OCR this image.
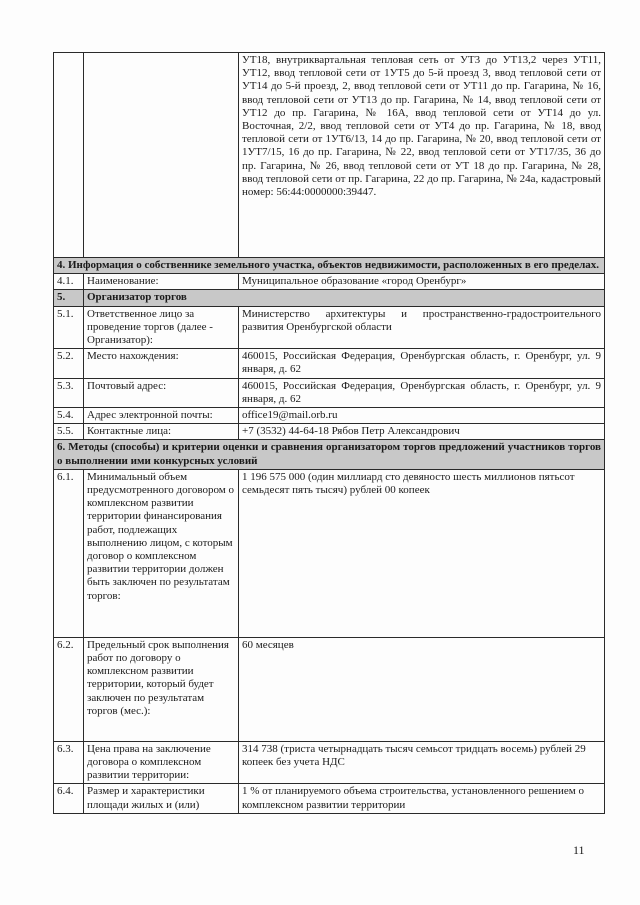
		УТ18, внутриквартальная тепловая сеть от УТ3 до УТ13,2 через УТ11, УТ12, ввод тепловой сети от 1УТ5 до 5-й проезд 3, ввод тепловой сети от УТ14 до 5-й проезд, 2, ввод тепловой сети от УТ11 до пр. Гагарина, № 16, ввод тепловой сети от УТ13 до пр. Гагарина, № 14, ввод тепловой сети от УТ12 до пр. Гагарина, № 16А, ввод тепловой сети от УТ14 до ул. Восточная, 2/2, ввод тепловой сети от УТ4 до пр. Гагарина, № 18, ввод тепловой сети от 1УТ6/13, 14 до пр. Гагарина, № 20, ввод тепловой сети от 1УТ7/15, 16 до пр. Гагарина, № 22, ввод тепловой сети от УТ17/35, 36 до пр. Гагарина, № 26, ввод тепловой сети от УТ 18 до пр. Гагарина, № 28, ввод тепловой сети от пр. Гагарина, 22 до пр. Гагарина, № 24а, кадастровый номер: 56:44:0000000:39447.
4. Информация о собственнике земельного участка, объектов недвижимости, расположенных в его пределах.		
4.1.	Наименование:	Муниципальное образование «город Оренбург»
5.	Организатор торгов	
5.1.	Ответственное лицо за проведение торгов (далее - Организатор):	Министерство архитектуры и пространственно-градостроительного развития Оренбургской области
5.2.	Место нахождения:	460015, Российская Федерация, Оренбургская область, г. Оренбург, ул. 9 января, д. 62
5.3.	Почтовый адрес:	460015, Российская Федерация, Оренбургская область, г. Оренбург, ул. 9 января, д. 62
5.4.	Адрес электронной почты:	office19@mail.orb.ru
5.5.	Контактные лица:	+7 (3532) 44-64-18 Рябов Петр Александрович
6. Методы (способы) и критерии оценки и сравнения организатором торгов предложений участников торгов о выполнении ими конкурсных условий		
6.1.	Минимальный объем предусмотренного договором о комплексном развитии территории финансирования работ, подлежащих выполнению лицом, с которым договор о комплексном развитии территории должен быть заключен по результатам торгов:	1 196 575 000 (один миллиард сто девяносто шесть миллионов пятьсот семьдесят пять тысяч) рублей 00 копеек
6.2.	Предельный срок выполнения работ по договору о комплексном развитии территории, который будет заключен по результатам торгов (мес.):	60 месяцев
6.3.	Цена права на заключение договора о комплексном развитии территории:	314 738 (триста четырнадцать тысяч семьсот тридцать восемь) рублей 29 копеек без учета НДС
6.4.	Размер и характеристики площади жилых и (или)	1 % от планируемого объема строительства, установленного решением о комплексном развитии территории
11
